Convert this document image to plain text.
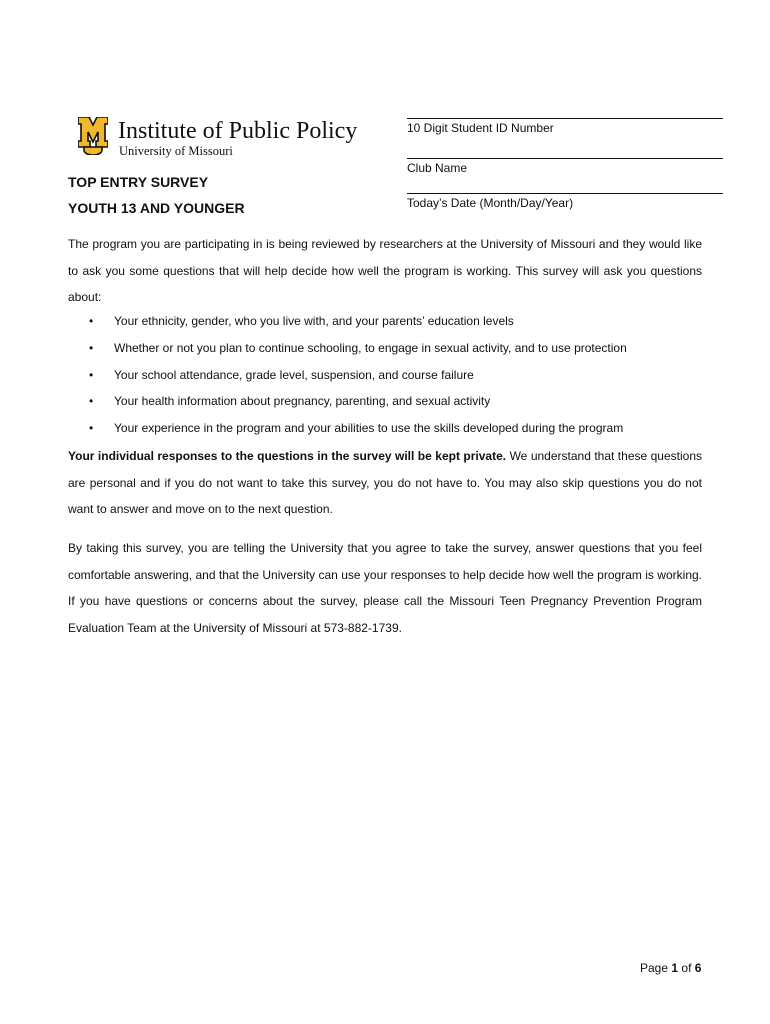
Institute of Public Policy
University of Missouri
10 Digit Student ID Number
Club Name
Today’s Date (Month/Day/Year)
TOP ENTRY SURVEY
YOUTH 13 AND YOUNGER
The program you are participating in is being reviewed by researchers at the University of Missouri and they would like to ask you some questions that will help decide how well the program is working. This survey will ask you questions about:
• Your ethnicity, gender, who you live with, and your parents’ education levels
• Whether or not you plan to continue schooling, to engage in sexual activity, and to use protection
• Your school attendance, grade level, suspension, and course failure
• Your health information about pregnancy, parenting, and sexual activity
• Your experience in the program and your abilities to use the skills developed during the program
Your individual responses to the questions in the survey will be kept private. We understand that these questions are personal and if you do not want to take this survey, you do not have to. You may also skip questions you do not want to answer and move on to the next question.
By taking this survey, you are telling the University that you agree to take the survey, answer questions that you feel comfortable answering, and that the University can use your responses to help decide how well the program is working. If you have questions or concerns about the survey, please call the Missouri Teen Pregnancy Prevention Program Evaluation Team at the University of Missouri at 573-882-1739.
Page 1 of 6
